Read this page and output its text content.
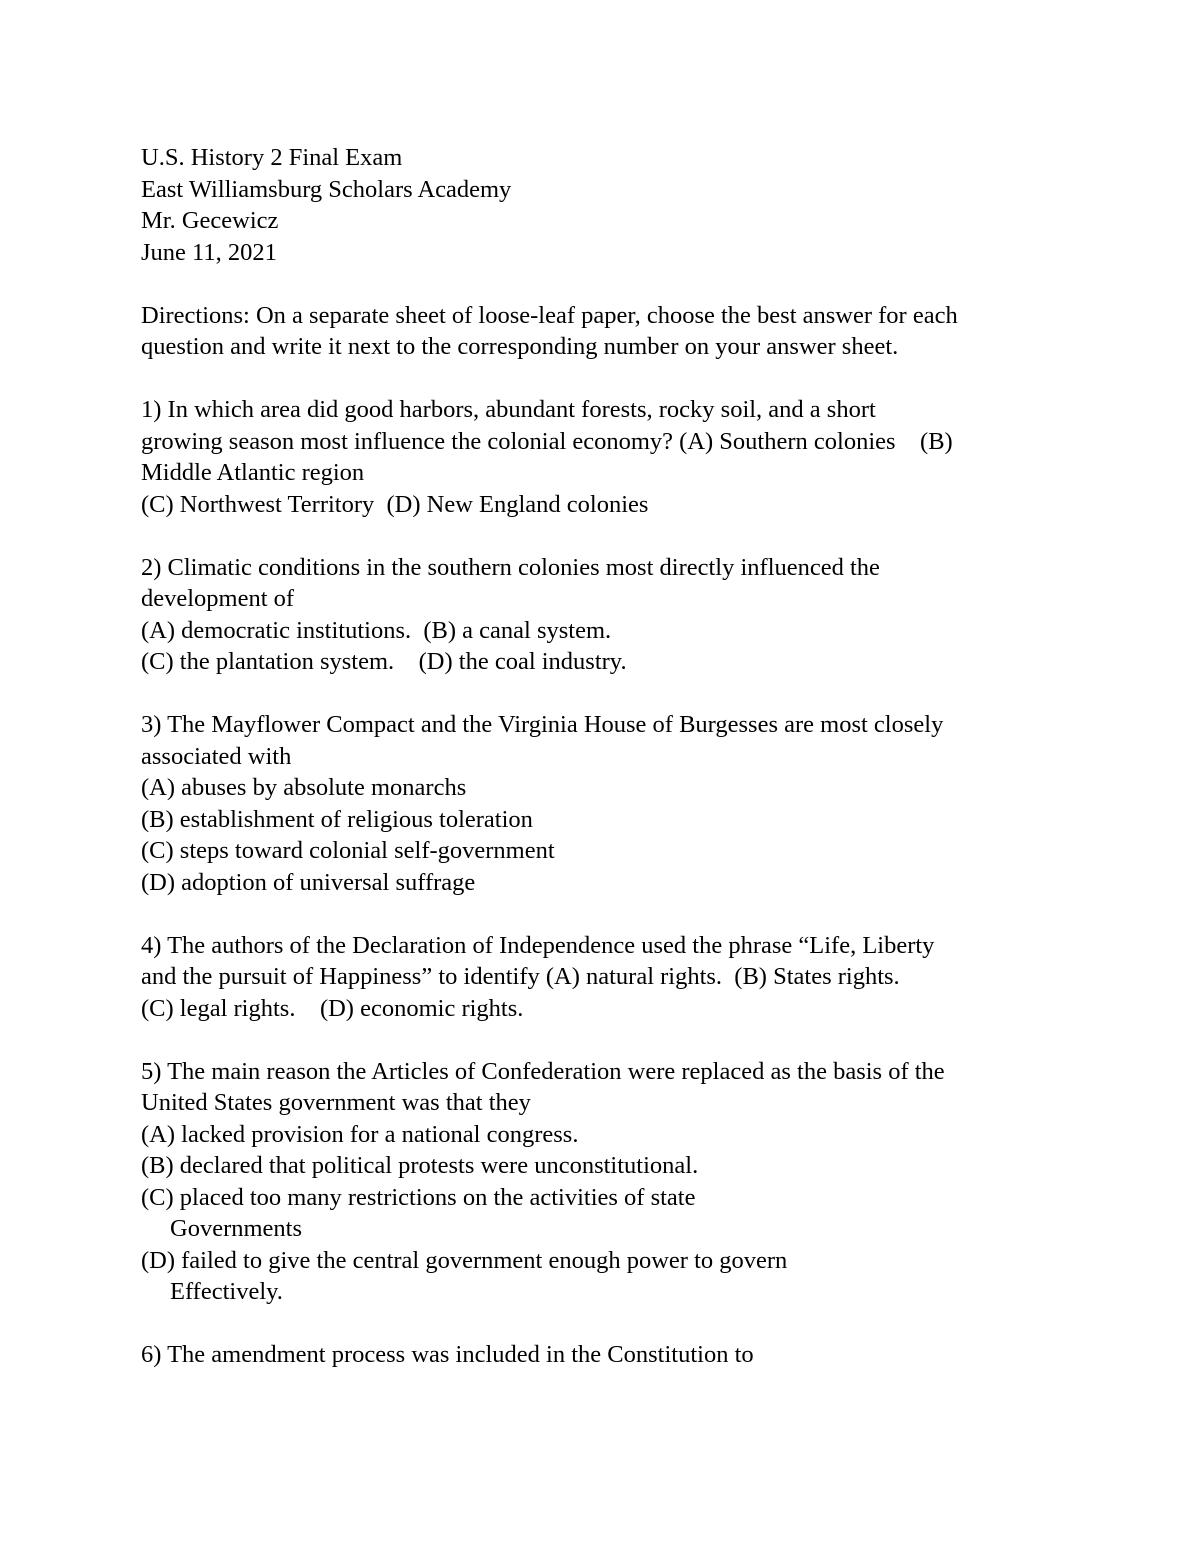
U.S. History 2 Final Exam
East Williamsburg Scholars Academy
Mr. Gecewicz
June 11, 2021
Directions: On a separate sheet of loose-leaf paper, choose the best answer for each
question and write it next to the corresponding number on your answer sheet.
1) In which area did good harbors, abundant forests, rocky soil, and a short
growing season most influence the colonial economy? (A) Southern colonies    (B)
Middle Atlantic region
(C) Northwest Territory  (D) New England colonies
2) Climatic conditions in the southern colonies most directly influenced the
development of
(A) democratic institutions.  (B) a canal system.
(C) the plantation system.    (D) the coal industry.
3) The Mayflower Compact and the Virginia House of Burgesses are most closely
associated with
(A) abuses by absolute monarchs
(B) establishment of religious toleration
(C) steps toward colonial self-government
(D) adoption of universal suffrage
4) The authors of the Declaration of Independence used the phrase “Life, Liberty
and the pursuit of Happiness” to identify (A) natural rights.  (B) States rights.
(C) legal rights.    (D) economic rights.
5) The main reason the Articles of Confederation were replaced as the basis of the
United States government was that they
(A) lacked provision for a national congress.
(B) declared that political protests were unconstitutional.
(C) placed too many restrictions on the activities of state
Governments
(D) failed to give the central government enough power to govern
Effectively.
6) The amendment process was included in the Constitution to
